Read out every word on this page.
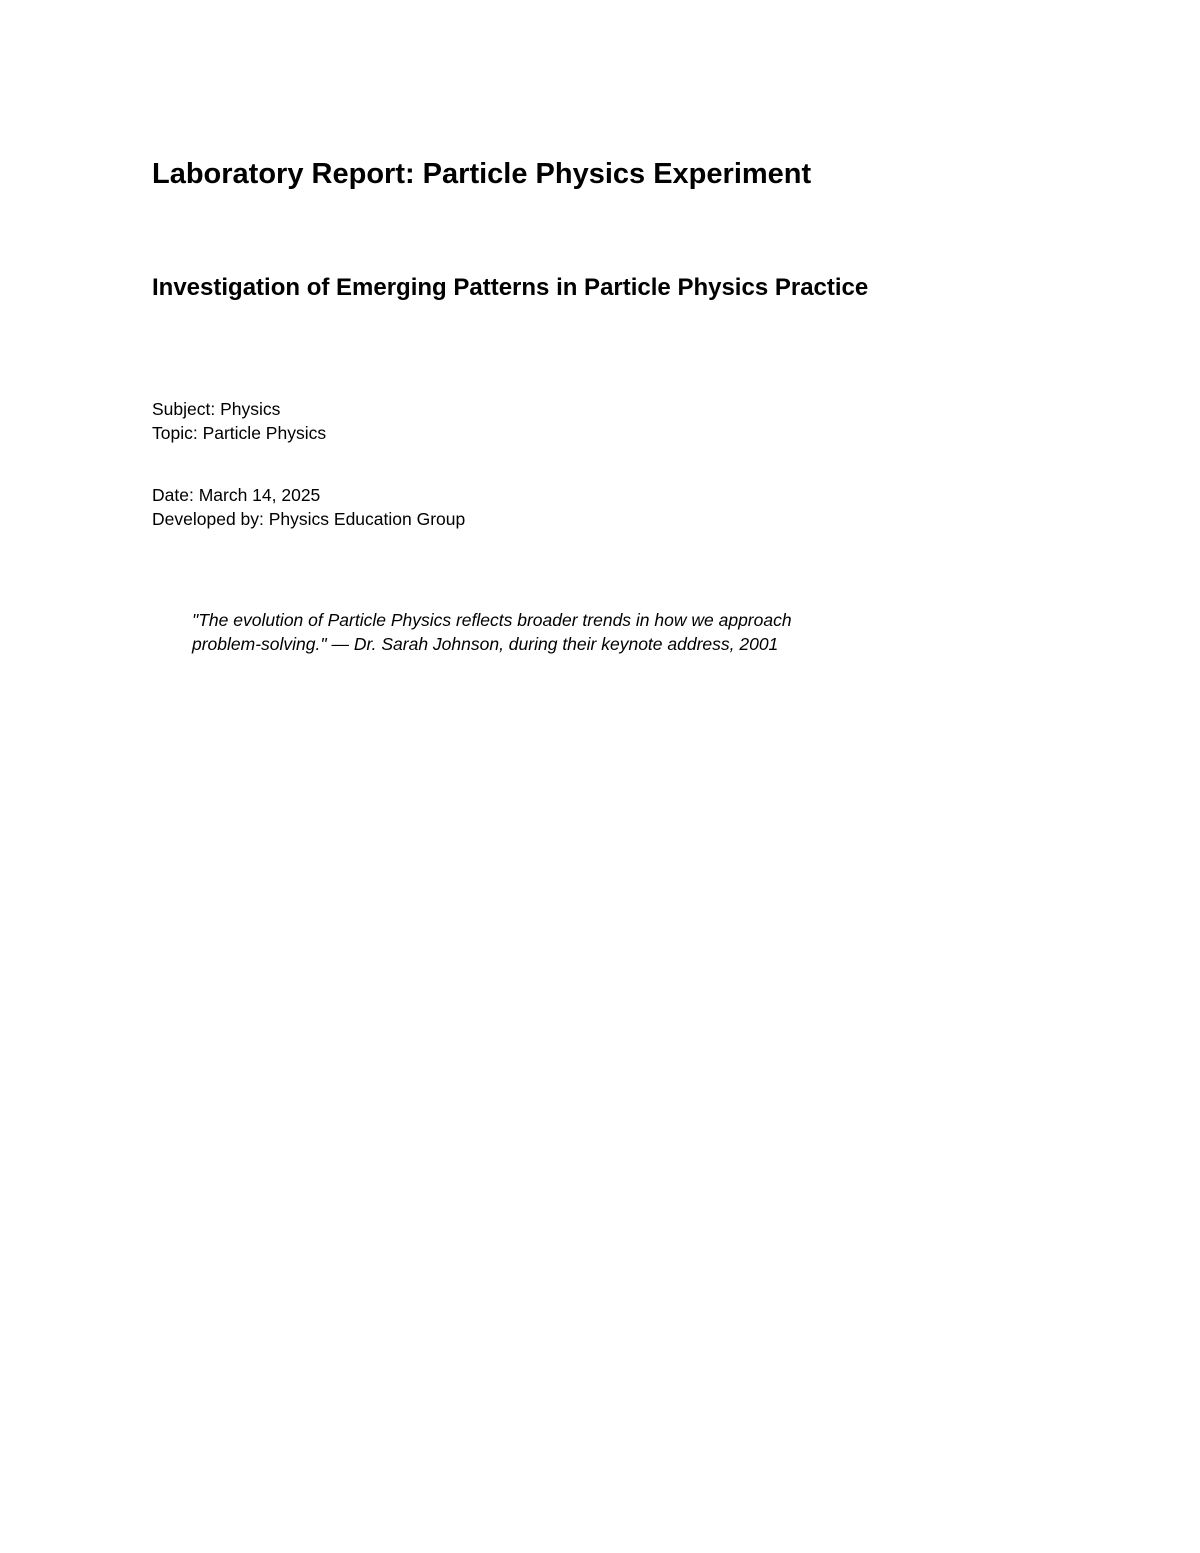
Laboratory Report: Particle Physics Experiment
Investigation of Emerging Patterns in Particle Physics Practice
Subject: Physics
Topic: Particle Physics
Date: March 14, 2025
Developed by: Physics Education Group
"The evolution of Particle Physics reflects broader trends in how we approach
problem-solving." — Dr. Sarah Johnson, during their keynote address, 2001
